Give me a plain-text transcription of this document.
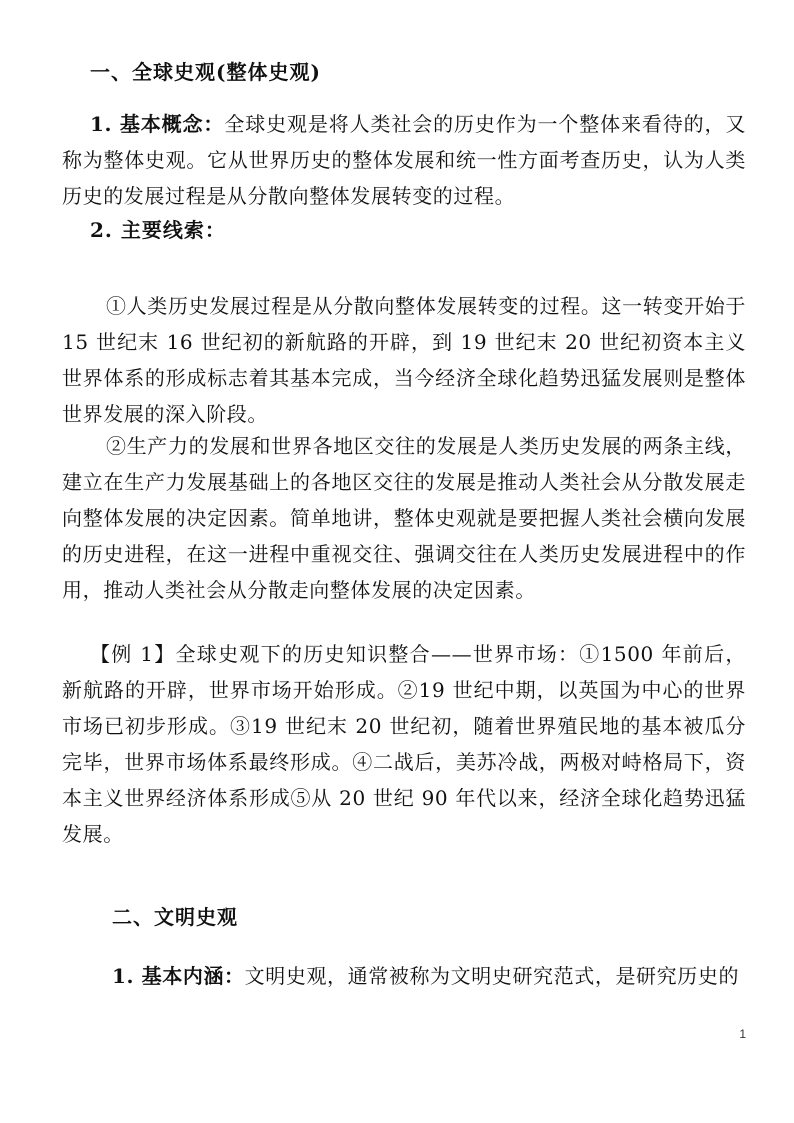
一、全球史观(整体史观)

1. 基本概念：全球史观是将人类社会的历史作为一个整体来看待的，又称为整体史观。它从世界历史的整体发展和统一性方面考查历史，认为人类历史的发展过程是从分散向整体发展转变的过程。

2. 主要线索：

①人类历史发展过程是从分散向整体发展转变的过程。这一转变开始于 15 世纪末 16 世纪初的新航路的开辟，到 19 世纪末 20 世纪初资本主义世界体系的形成标志着其基本完成，当今经济全球化趋势迅猛发展则是整体世界发展的深入阶段。

②生产力的发展和世界各地区交往的发展是人类历史发展的两条主线，建立在生产力发展基础上的各地区交往的发展是推动人类社会从分散发展走向整体发展的决定因素。简单地讲，整体史观就是要把握人类社会横向发展的历史进程，在这一进程中重视交往、强调交往在人类历史发展进程中的作用，推动人类社会从分散走向整体发展的决定因素。

【例 1】全球史观下的历史知识整合——世界市场：①1500 年前后，新航路的开辟，世界市场开始形成。②19 世纪中期，以英国为中心的世界市场已初步形成。③19 世纪末 20 世纪初，随着世界殖民地的基本被瓜分完毕，世界市场体系最终形成。④二战后，美苏冷战，两极对峙格局下，资本主义世界经济体系形成⑤从 20 世纪 90 年代以来，经济全球化趋势迅猛发展。

二、文明史观

1. 基本内涵：文明史观，通常被称为文明史研究范式，是研究历史的

1
